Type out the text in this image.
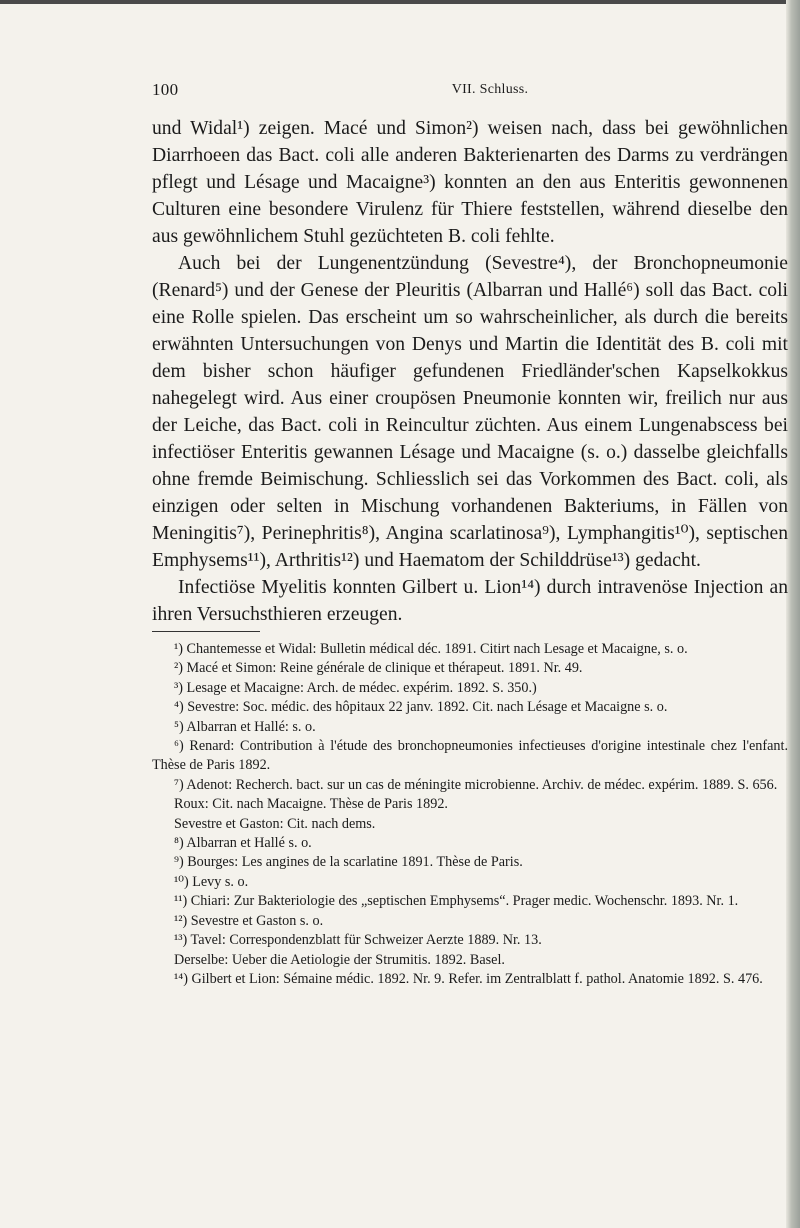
100	VII. Schluss.

und Widal¹) zeigen. Macé und Simon²) weisen nach, dass bei gewöhnlichen Diarrhoeen das Bact. coli alle anderen Bakterienarten des Darms zu verdrängen pflegt und Lésage und Macaigne³) konnten an den aus Enteritis gewonnenen Culturen eine besondere Virulenz für Thiere feststellen, während dieselbe den aus gewöhnlichem Stuhl gezüchteten B. coli fehlte.

Auch bei der Lungenentzündung (Sevestre⁴), der Bronchopneumonie (Renard⁵) und der Genese der Pleuritis (Albarran und Hallé⁶) soll das Bact. coli eine Rolle spielen. Das erscheint um so wahrscheinlicher, als durch die bereits erwähnten Untersuchungen von Denys und Martin die Identität des B. coli mit dem bisher schon häufiger gefundenen Friedländer'schen Kapselkokkus nahegelegt wird. Aus einer croupösen Pneumonie konnten wir, freilich nur aus der Leiche, das Bact. coli in Reincultur züchten. Aus einem Lungenabscess bei infectiöser Enteritis gewannen Lésage und Macaigne (s. o.) dasselbe gleichfalls ohne fremde Beimischung. Schliesslich sei das Vorkommen des Bact. coli, als einzigen oder selten in Mischung vorhandenen Bakteriums, in Fällen von Meningitis⁷), Perinephritis⁸), Angina scarlatinosa⁹), Lymphangitis¹⁰), septischen Emphysems¹¹), Arthritis¹²) und Haematom der Schilddrüse¹³) gedacht.

Infectiöse Myelitis konnten Gilbert u. Lion¹⁴) durch intravenöse Injection an ihren Versuchsthieren erzeugen.

¹) Chantemesse et Widal: Bulletin médical déc. 1891. Citirt nach Lesage et Macaigne, s. o.

²) Macé et Simon: Reine générale de clinique et thérapeut. 1891. Nr. 49.

³) Lesage et Macaigne: Arch. de médec. expérim. 1892. S. 350.)

⁴) Sevestre: Soc. médic. des hôpitaux 22 janv. 1892. Cit. nach Lésage et Macaigne s. o.

⁵) Albarran et Hallé: s. o.

⁶) Renard: Contribution à l'étude des bronchopneumonies infectieuses d'origine intestinale chez l'enfant. Thèse de Paris 1892.

⁷) Adenot: Recherch. bact. sur un cas de méningite microbienne. Archiv. de médec. expérim. 1889. S. 656.

Roux: Cit. nach Macaigne. Thèse de Paris 1892.

Sevestre et Gaston: Cit. nach dems.

⁸) Albarran et Hallé s. o.

⁹) Bourges: Les angines de la scarlatine 1891. Thèse de Paris.

¹⁰) Levy s. o.

¹¹) Chiari: Zur Bakteriologie des „septischen Emphysems“. Prager medic. Wochenschr. 1893. Nr. 1.

¹²) Sevestre et Gaston s. o.

¹³) Tavel: Correspondenzblatt für Schweizer Aerzte 1889. Nr. 13.

Derselbe: Ueber die Aetiologie der Strumitis. 1892. Basel.

¹⁴) Gilbert et Lion: Sémaine médic. 1892. Nr. 9. Refer. im Zentralblatt f. pathol. Anatomie 1892. S. 476.
